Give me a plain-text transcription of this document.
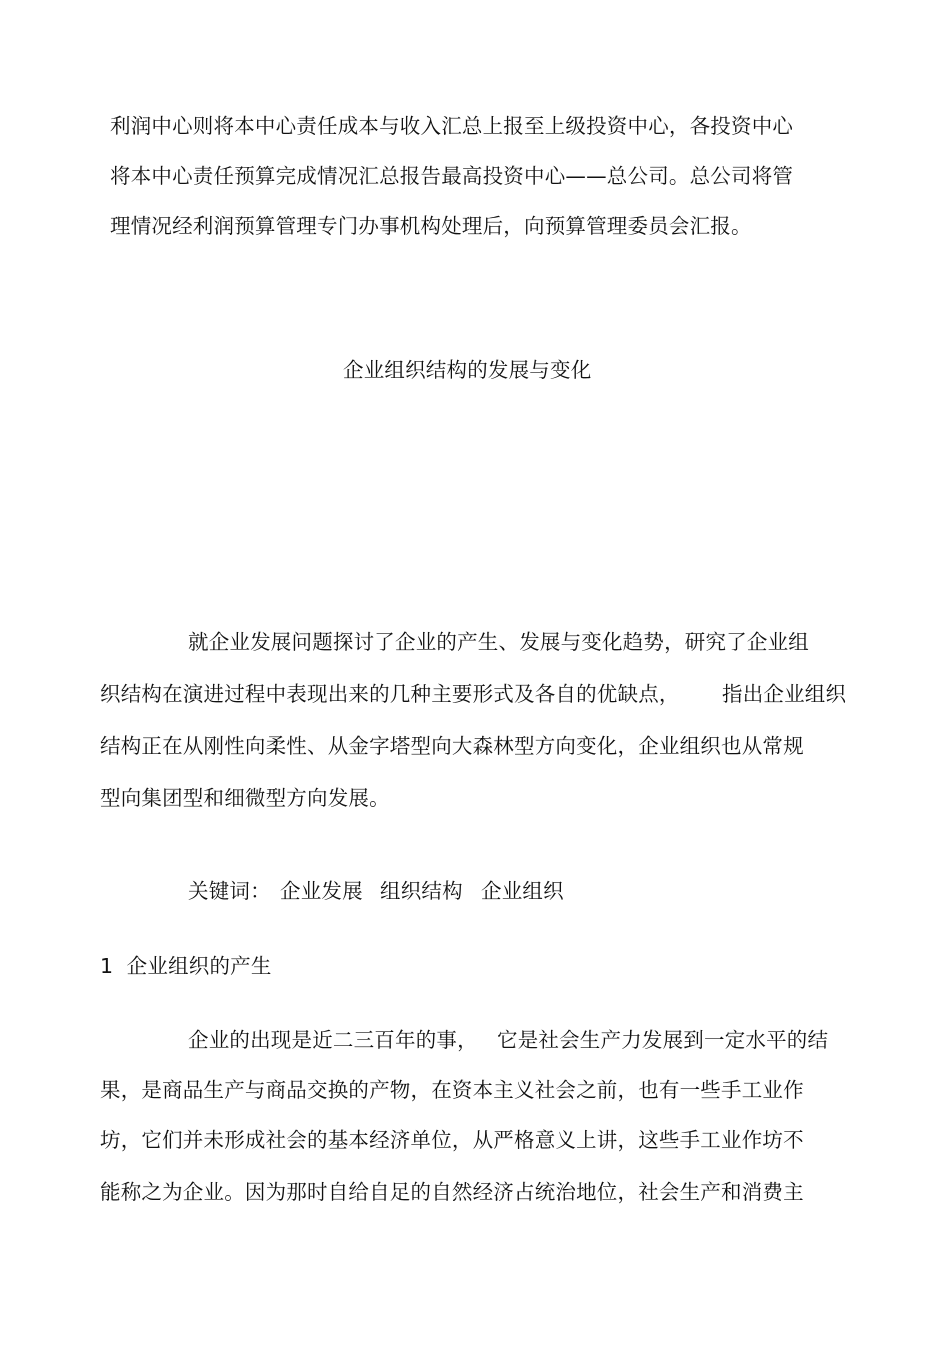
利润中心则将本中心责任成本与收入汇总上报至上级投资中心，各投资中心
将本中心责任预算完成情况汇总报告最高投资中心——总公司。总公司将管
理情况经利润预算管理专门办事机构处理后，向预算管理委员会汇报。
企业组织结构的发展与变化
就企业发展问题探讨了企业的产生、发展与变化趋势，研究了企业组
织结构在演进过程中表现出来的几种主要形式及各自的优缺点， 指出企业组织
结构正在从刚性向柔性、从金字塔型向大森林型方向变化，企业组织也从常规
型向集团型和细微型方向发展。
关键词： 企业发展 组织结构 企业组织
1  企业组织的产生
企业的出现是近二三百年的事， 它是社会生产力发展到一定水平的结
果，是商品生产与商品交换的产物，在资本主义社会之前，也有一些手工业作
坊，它们并未形成社会的基本经济单位，从严格意义上讲，这些手工业作坊不
能称之为企业。因为那时自给自足的自然经济占统治地位，社会生产和消费主
